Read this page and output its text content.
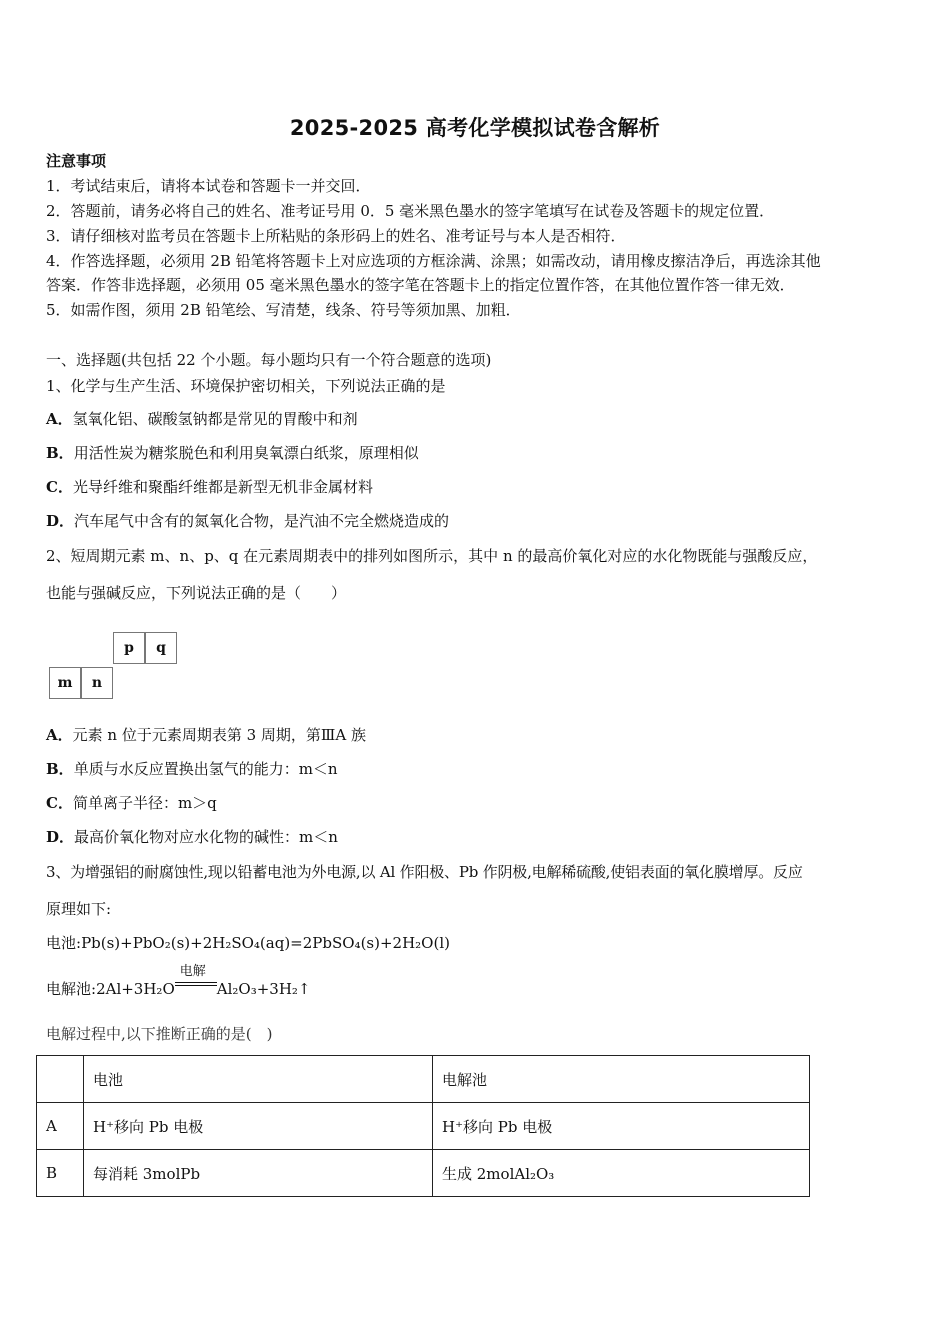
2025-2025 高考化学模拟试卷含解析
注意事项
1．考试结束后，请将本试卷和答题卡一并交回．
2．答题前，请务必将自己的姓名、准考证号用 0．5 毫米黑色墨水的签字笔填写在试卷及答题卡的规定位置．
3．请仔细核对监考员在答题卡上所粘贴的条形码上的姓名、准考证号与本人是否相符．
4．作答选择题，必须用 2B 铅笔将答题卡上对应选项的方框涂满、涂黑；如需改动，请用橡皮擦洁净后，再选涂其他
答案．作答非选择题，必须用 05 毫米黑色墨水的签字笔在答题卡上的指定位置作答，在其他位置作答一律无效．
5．如需作图，须用 2B 铅笔绘、写清楚，线条、符号等须加黑、加粗．
一、选择题(共包括 22 个小题。每小题均只有一个符合题意的选项)
1、化学与生产生活、环境保护密切相关，下列说法正确的是
A．氢氧化铝、碳酸氢钠都是常见的胃酸中和剂
B．用活性炭为糖浆脱色和利用臭氧漂白纸浆，原理相似
C．光导纤维和聚酯纤维都是新型无机非金属材料
D．汽车尾气中含有的氮氧化合物，是汽油不完全燃烧造成的
2、短周期元素 m、n、p、q 在元素周期表中的排列如图所示，其中 n 的最高价氧化对应的水化物既能与强酸反应，
也能与强碱反应，下列说法正确的是（　　）
p	q
m	n
A．元素 n 位于元素周期表第 3 周期，第ⅢA 族
B．单质与水反应置换出氢气的能力：m＜n
C．简单离子半径：m＞q
D．最高价氧化物对应水化物的碱性：m＜n
3、为增强铝的耐腐蚀性,现以铅蓄电池为外电源,以 Al 作阳极、Pb 作阴极,电解稀硫酸,使铝表面的氧化膜增厚。反应
原理如下:
电池:Pb(s)+PbO₂(s)+2H₂SO₄(aq)=2PbSO₄(s)+2H₂O(l)
电解池:2Al+3H₂O
电解
Al₂O₃+3H₂↑
电解过程中,以下推断正确的是(　)
	电池	电解池
A	H⁺移向 Pb 电极	H⁺移向 Pb 电极
B	每消耗 3molPb	生成 2molAl₂O₃
